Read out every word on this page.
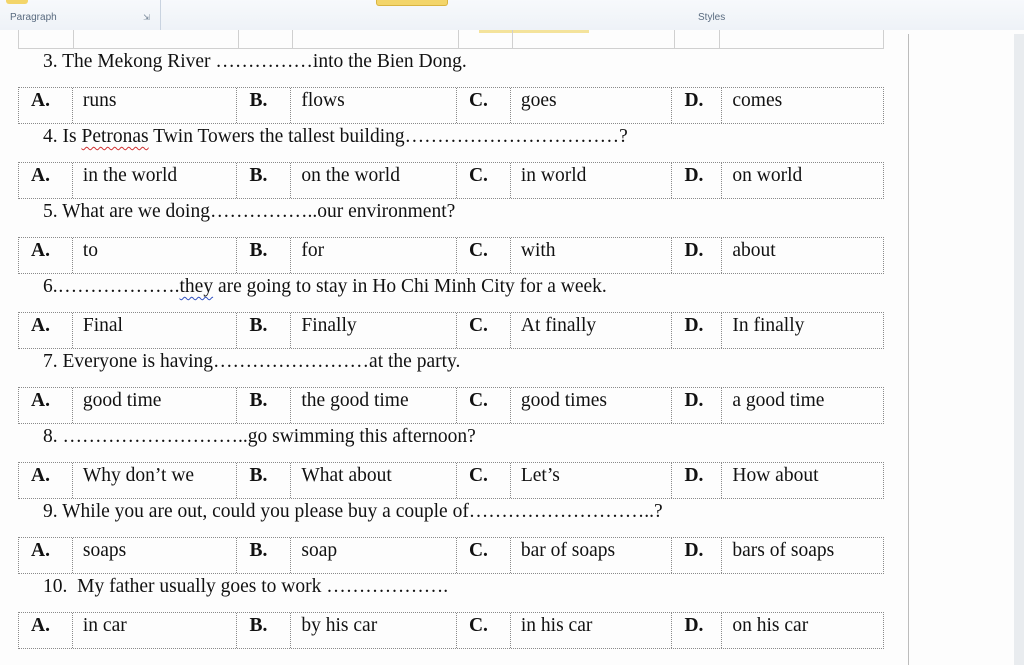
Paragraph	⇲	Styles
3. The Mekong River ……………into the Bien Dong.
A.	runs	B.	flows	C.	goes	D.	comes
4. Is Petronas Twin Towers the tallest building……………………………?
A.	in the world	B.	on the world	C.	in world	D.	on world
5. What are we doing……………..our environment?
A.	to	B.	for	C.	with	D.	about
6.……………….they are going to stay in Ho Chi Minh City for a week.
A.	Final	B.	Finally	C.	At finally	D.	In finally
7. Everyone is having……………………at the party.
A.	good time	B.	the good time	C.	good times	D.	a good time
8. ………………………..go swimming this afternoon?
A.	Why don’t we	B.	What about	C.	Let’s	D.	How about
9. While you are out, could you please buy a couple of………………………..?
A.	soaps	B.	soap	C.	bar of soaps	D.	bars of soaps
10.  My father usually goes to work ……………….
A.	in car	B.	by his car	C.	in his car	D.	on his car
